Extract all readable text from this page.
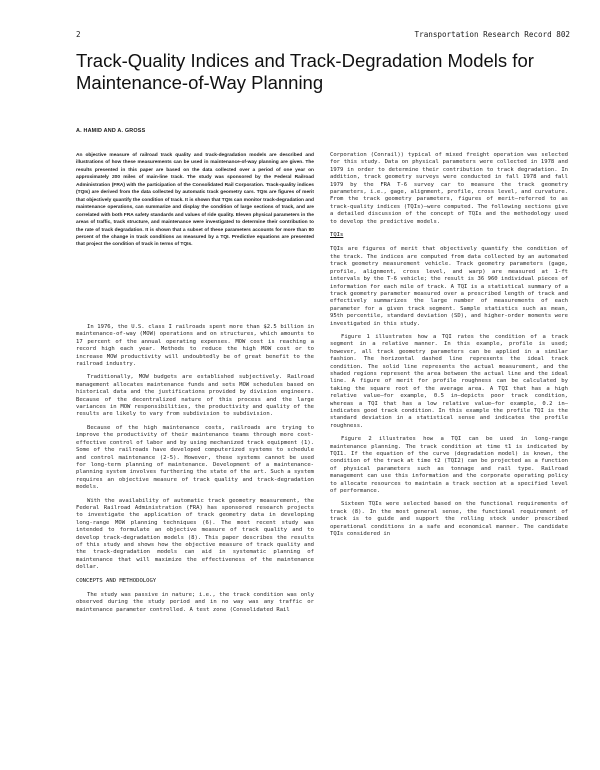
2	Transportation Research Record 802
Track-Quality Indices and Track-Degradation Models for
Maintenance-of-Way Planning
A. HAMID AND A. GROSS
An objective measure of railroad track quality and track-degradation models are described and illustrations of how these measurements can be used in maintenance-of-way planning are given. The results presented in this paper are based on the data collected over a period of one year on approximately 200 miles of main-line track. The study was sponsored by the Federal Railroad Administration (FRA) with the participation of the Consolidated Rail Corporation. Track-quality indices (TQIs) are derived from the data collected by automatic track geometry cars. TQIs are figures of merit that objectively quantify the condition of track. It is shown that TQIs can monitor track-degradation and maintenance operations, can summarize and display the condition of large sections of track, and are correlated with both FRA safety standards and values of ride quality. Eleven physical parameters in the areas of traffic, track structure, and maintenance were investigated to determine their contribution to the rate of track degradation. It is shown that a subset of these parameters accounts for more than 80 percent of the change in track conditions as measured by a TQI. Predictive equations are presented that project the condition of track in terms of TQIs.

In 1976, the U.S. class I railroads spent more than $2.5 billion in maintenance-of-way (MOW) operations and on structures, which amounts to 17 percent of the annual operating expenses. MOW cost is reaching a record high each year. Methods to reduce the high MOW cost or to increase MOW productivity will undoubtedly be of great benefit to the railroad industry.

Traditionally, MOW budgets are established subjectively. Railroad management allocates maintenance funds and sets MOW schedules based on historical data and the justifications provided by division engineers. Because of the decentralized nature of this process and the large variances in MOW responsibilities, the productivity and quality of the results are likely to vary from subdivision to subdivision.

Because of the high maintenance costs, railroads are trying to improve the productivity of their maintenance teams through more cost-effective control of labor and by using mechanized track equipment (1). Some of the railroads have developed computerized systems to schedule and control maintenance (2-5). However, these systems cannot be used for long-term planning of maintenance. Development of a maintenance-planning system involves furthering the state of the art. Such a system requires an objective measure of track quality and track-degradation models.

With the availability of automatic track geometry measurement, the Federal Railroad Administration (FRA) has sponsored research projects to investigate the application of track geometry data in developing long-range MOW planning techniques (6). The most recent study was intended to formulate an objective measure of track quality and to develop track-degradation models (8). This paper describes the results of this study and shows how the objective measure of track quality and the track-degradation models can aid in systematic planning of maintenance that will maximize the effectiveness of the maintenance dollar.

CONCEPTS AND METHODOLOGY

The study was passive in nature; i.e., the track condition was only observed during the study period and in no way was any traffic or maintenance parameter controlled. A test zone (Consolidated Rail

Corporation (Conrail)) typical of mixed freight operation was selected for this study. Data on physical parameters were collected in 1978 and 1979 in order to determine their contribution to track degradation. In addition, track geometry surveys were conducted in fall 1978 and fall 1979 by the FRA T-6 survey car to measure the track geometry parameters, i.e., gage, alignment, profile, cross level, and curvature. From the track geometry parameters, figures of merit—referred to as track-quality indices (TQIs)—were computed. The following sections give a detailed discussion of the concept of TQIs and the methodology used to develop the predictive models.

TQIs

TQIs are figures of merit that objectively quantify the condition of the track. The indices are computed from data collected by an automated track geometry measurement vehicle. Track geometry parameters (gage, profile, alignment, cross level, and warp) are measured at 1-ft intervals by the T-6 vehicle; the result is 36 960 individual pieces of information for each mile of track. A TQI is a statistical summary of a track geometry parameter measured over a prescribed length of track and effectively summarizes the large number of measurements of each parameter for a given track segment. Sample statistics such as mean, 95th percentile, standard deviation (SD), and higher-order moments were investigated in this study.

Figure 1 illustrates how a TQI rates the condition of a track segment in a relative manner. In this example, profile is used; however, all track geometry parameters can be applied in a similar fashion. The horizontal dashed line represents the ideal track condition. The solid line represents the actual measurement, and the shaded regions represent the area between the actual line and the ideal line. A figure of merit for profile roughness can be calculated by taking the square root of the average area. A TQI that has a high relative value—for example, 0.5 in—depicts poor track condition, whereas a TQI that has a low relative value—for example, 0.2 in—indicates good track condition. In this example the profile TQI is the standard deviation in a statistical sense and indicates the profile roughness.

Figure 2 illustrates how a TQI can be used in long-range maintenance planning. The track condition at time t1 is indicated by TQI1. If the equation of the curve (degradation model) is known, the condition of the track at time t2 (TQI2) can be projected as a function of physical parameters such as tonnage and rail type. Railroad management can use this information and the corporate operating policy to allocate resources to maintain a track section at a specified level of performance.

Sixteen TQIs were selected based on the functional requirements of track (8). In the most general sense, the functional requirement of track is to guide and support the rolling stock under prescribed operational conditions in a safe and economical manner. The candidate TQIs considered in
